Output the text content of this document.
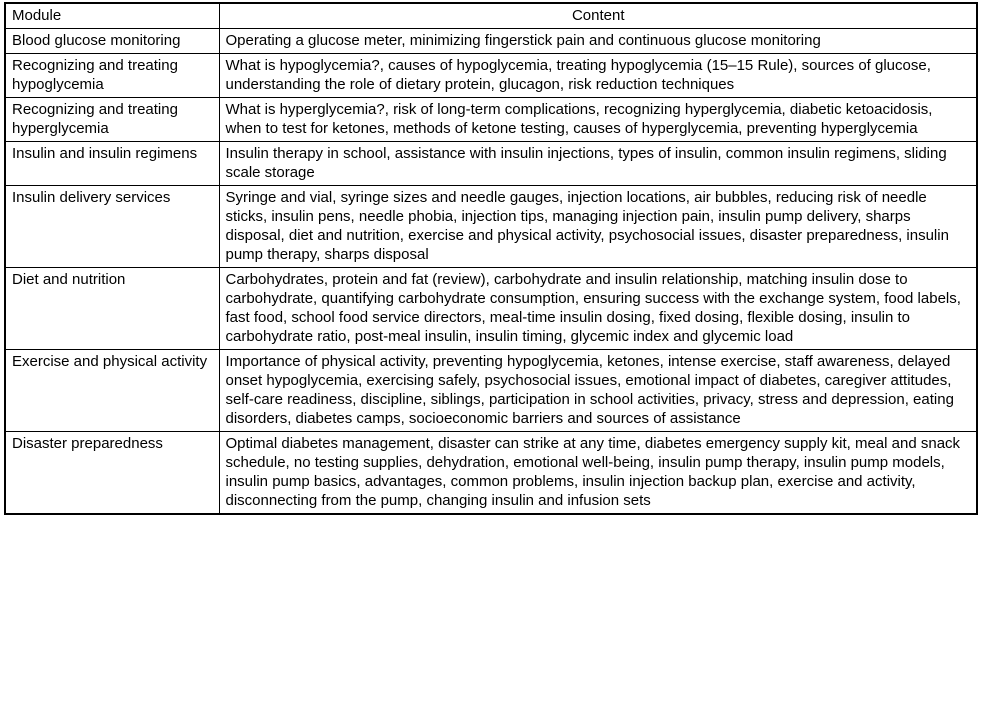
Module	Content
Blood glucose monitoring	Operating a glucose meter, minimizing fingerstick pain and continuous glucose monitoring
Recognizing and treating hypoglycemia	What is hypoglycemia?, causes of hypoglycemia, treating hypoglycemia (15–15 Rule), sources of glucose, understanding the role of dietary protein, glucagon, risk reduction techniques
Recognizing and treating hyperglycemia	What is hyperglycemia?, risk of long-term complications, recognizing hyperglycemia, diabetic ketoacidosis, when to test for ketones, methods of ketone testing, causes of hyperglycemia, preventing hyperglycemia
Insulin and insulin regimens	Insulin therapy in school, assistance with insulin injections, types of insulin, common insulin regimens, sliding scale storage
Insulin delivery services	Syringe and vial, syringe sizes and needle gauges, injection locations, air bubbles, reducing risk of needle sticks, insulin pens, needle phobia, injection tips, managing injection pain, insulin pump delivery, sharps disposal, diet and nutrition, exercise and physical activity, psychosocial issues, disaster preparedness, insulin pump therapy, sharps disposal
Diet and nutrition	Carbohydrates, protein and fat (review), carbohydrate and insulin relationship, matching insulin dose to carbohydrate, quantifying carbohydrate consumption, ensuring success with the exchange system, food labels, fast food, school food service directors, meal-time insulin dosing, fixed dosing, flexible dosing, insulin to carbohydrate ratio, post-meal insulin, insulin timing, glycemic index and glycemic load
Exercise and physical activity	Importance of physical activity, preventing hypoglycemia, ketones, intense exercise, staff awareness, delayed onset hypoglycemia, exercising safely, psychosocial issues, emotional impact of diabetes, caregiver attitudes, self-care readiness, discipline, siblings, participation in school activities, privacy, stress and depression, eating disorders, diabetes camps, socioeconomic barriers and sources of assistance
Disaster preparedness	Optimal diabetes management, disaster can strike at any time, diabetes emergency supply kit, meal and snack schedule, no testing supplies, dehydration, emotional well-being, insulin pump therapy, insulin pump models, insulin pump basics, advantages, common problems, insulin injection backup plan, exercise and activity, disconnecting from the pump, changing insulin and infusion sets
